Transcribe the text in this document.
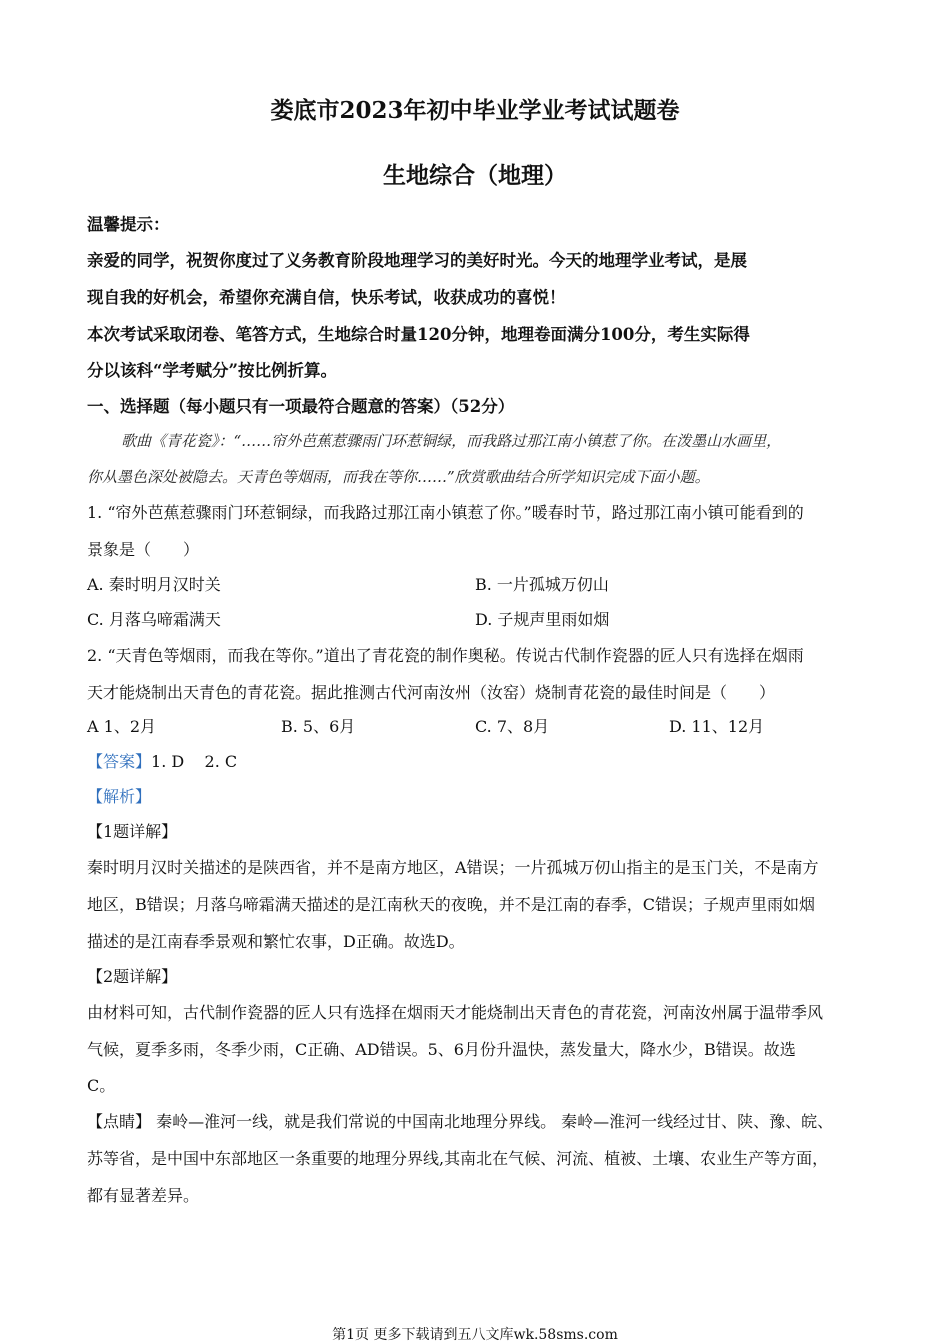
娄底市2023年初中毕业学业考试试题卷
生地综合（地理）
温馨提示：
亲爱的同学，祝贺你度过了义务教育阶段地理学习的美好时光。今天的地理学业考试，是展
现自我的好机会，希望你充满自信，快乐考试，收获成功的喜悦！
本次考试采取闭卷、笔答方式，生地综合时量120分钟，地理卷面满分100分，考生实际得
分以该科“学考赋分”按比例折算。
一、选择题（每小题只有一项最符合题意的答案）（52分）
歌曲《青花瓷》：“……帘外芭蕉惹骤雨门环惹铜绿，而我路过那江南小镇惹了你。在泼墨山水画里，
你从墨色深处被隐去。天青色等烟雨，而我在等你……”欣赏歌曲结合所学知识完成下面小题。
1. “帘外芭蕉惹骤雨门环惹铜绿，而我路过那江南小镇惹了你。”暖春时节，路过那江南小镇可能看到的
景象是（　　）
A. 秦时明月汉时关	B. 一片孤城万仞山
C. 月落乌啼霜满天	D. 子规声里雨如烟
2. “天青色等烟雨，而我在等你。”道出了青花瓷的制作奥秘。传说古代制作瓷器的匠人只有选择在烟雨
天才能烧制出天青色的青花瓷。据此推测古代河南汝州（汝窑）烧制青花瓷的最佳时间是（　　）
A 1、2月	B. 5、6月	C. 7、8月	D. 11、12月
【答案】1. D    2. C
【解析】
【1题详解】
秦时明月汉时关描述的是陕西省，并不是南方地区，A错误；一片孤城万仞山指主的是玉门关，不是南方
地区，B错误；月落乌啼霜满天描述的是江南秋天的夜晚，并不是江南的春季，C错误；子规声里雨如烟
描述的是江南春季景观和繁忙农事，D正确。故选D。
【2题详解】
由材料可知，古代制作瓷器的匠人只有选择在烟雨天才能烧制出天青色的青花瓷，河南汝州属于温带季风
气候，夏季多雨，冬季少雨，C正确、AD错误。5、6月份升温快，蒸发量大，降水少，B错误。故选
C。
【点睛】 秦岭—淮河一线，就是我们常说的中国南北地理分界线。 秦岭—淮河一线经过甘、陕、豫、皖、
苏等省，是中国中东部地区一条重要的地理分界线,其南北在气候、河流、植被、土壤、农业生产等方面，
都有显著差异。
第1页 更多下载请到五八文库wk.58sms.com
